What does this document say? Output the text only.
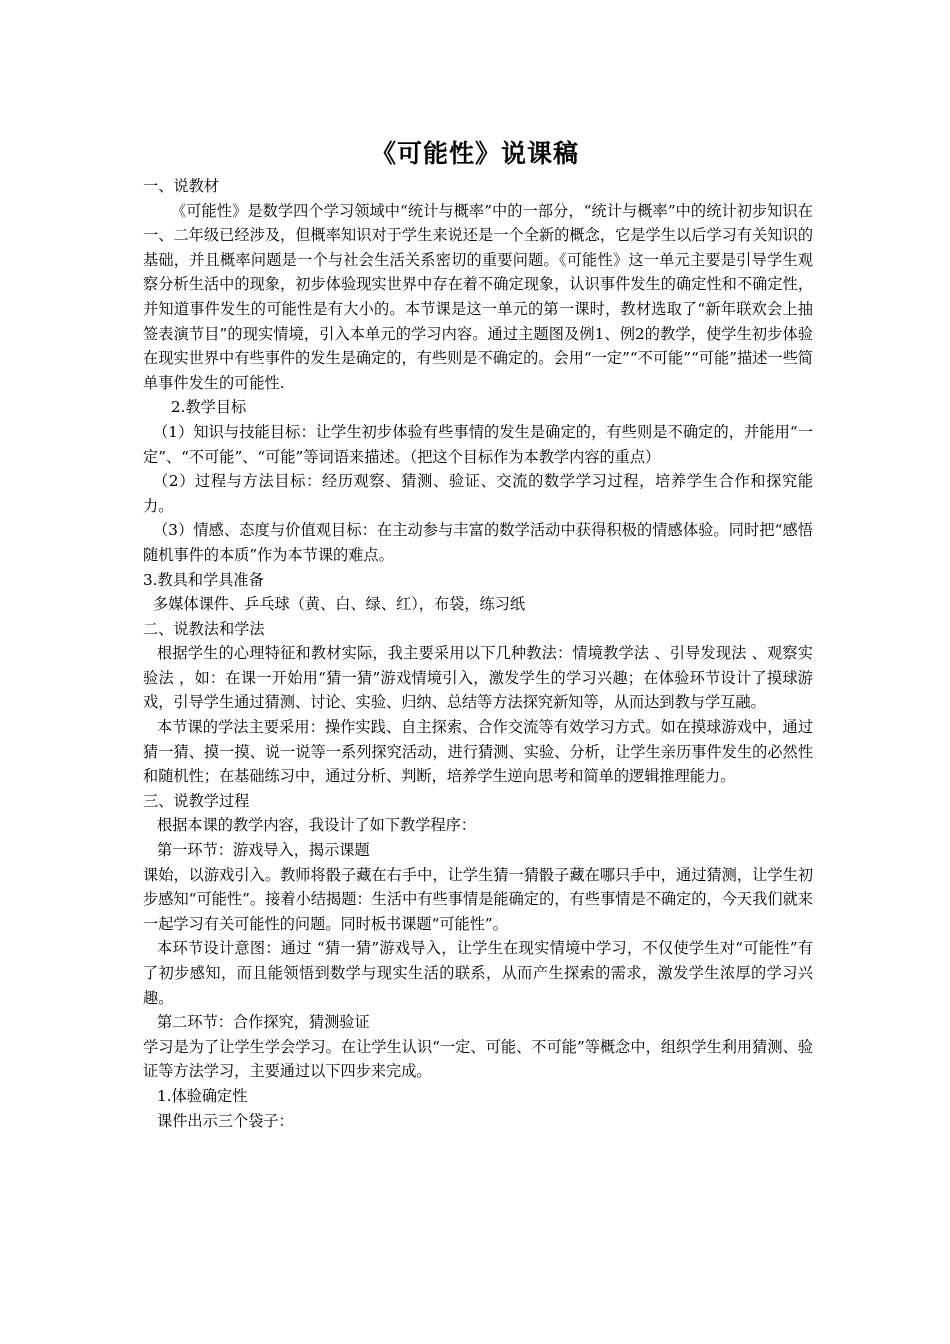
《可能性》说课稿

一、说教材

《可能性》是数学四个学习领域中“统计与概率”中的一部分，“统计与概率”中的统计初步知识在一、二年级已经涉及，但概率知识对于学生来说还是一个全新的概念，它是学生以后学习有关知识的基础，并且概率问题是一个与社会生活关系密切的重要问题。《可能性》这一单元主要是引导学生观察分析生活中的现象，初步体验现实世界中存在着不确定现象，认识事件发生的确定性和不确定性，并知道事件发生的可能性是有大小的。本节课是这一单元的第一课时，教材选取了“新年联欢会上抽签表演节目”的现实情境，引入本单元的学习内容。通过主题图及例1、例2的教学，使学生初步体验在现实世界中有些事件的发生是确定的，有些则是不确定的。会用“一定”“不可能”“可能”描述一些简单事件发生的可能性.

2.教学目标

（1）知识与技能目标：让学生初步体验有些事情的发生是确定的，有些则是不确定的，并能用“一定”、“不可能”、“可能”等词语来描述。（把这个目标作为本教学内容的重点）

（2）过程与方法目标：经历观察、猜测、验证、交流的数学学习过程，培养学生合作和探究能力。

（3）情感、态度与价值观目标：在主动参与丰富的数学活动中获得积极的情感体验。同时把“感悟随机事件的本质”作为本节课的难点。

3.教具和学具准备

多媒体课件、乒乓球（黄、白、绿、红），布袋，练习纸

二、说教法和学法

根据学生的心理特征和教材实际，我主要采用以下几种教法：情境教学法 、引导发现法 、观察实验法 ，如：在课一开始用“猜一猜”游戏情境引入，激发学生的学习兴趣；在体验环节设计了摸球游戏，引导学生通过猜测、讨论、实验、归纳、总结等方法探究新知等，从而达到教与学互融。

本节课的学法主要采用：操作实践、自主探索、合作交流等有效学习方式。如在摸球游戏中，通过猜一猜、摸一摸、说一说等一系列探究活动，进行猜测、实验、分析，让学生亲历事件发生的必然性和随机性；在基础练习中，通过分析、判断，培养学生逆向思考和简单的逻辑推理能力。

三、说教学过程

根据本课的教学内容，我设计了如下教学程序：

第一环节：游戏导入，揭示课题

课始，以游戏引入。教师将骰子藏在右手中，让学生猜一猜骰子藏在哪只手中，通过猜测，让学生初步感知“可能性”。接着小结揭题：生活中有些事情是能确定的，有些事情是不确定的，今天我们就来一起学习有关可能性的问题。同时板书课题“可能性”。

本环节设计意图：通过 “猜一猜”游戏导入，让学生在现实情境中学习，不仅使学生对“可能性”有了初步感知，而且能领悟到数学与现实生活的联系，从而产生探索的需求，激发学生浓厚的学习兴趣。

第二环节：合作探究，猜测验证

学习是为了让学生学会学习。在让学生认识“一定、可能、不可能”等概念中，组织学生利用猜测、验证等方法学习，主要通过以下四步来完成。

1.体验确定性

课件出示三个袋子：
